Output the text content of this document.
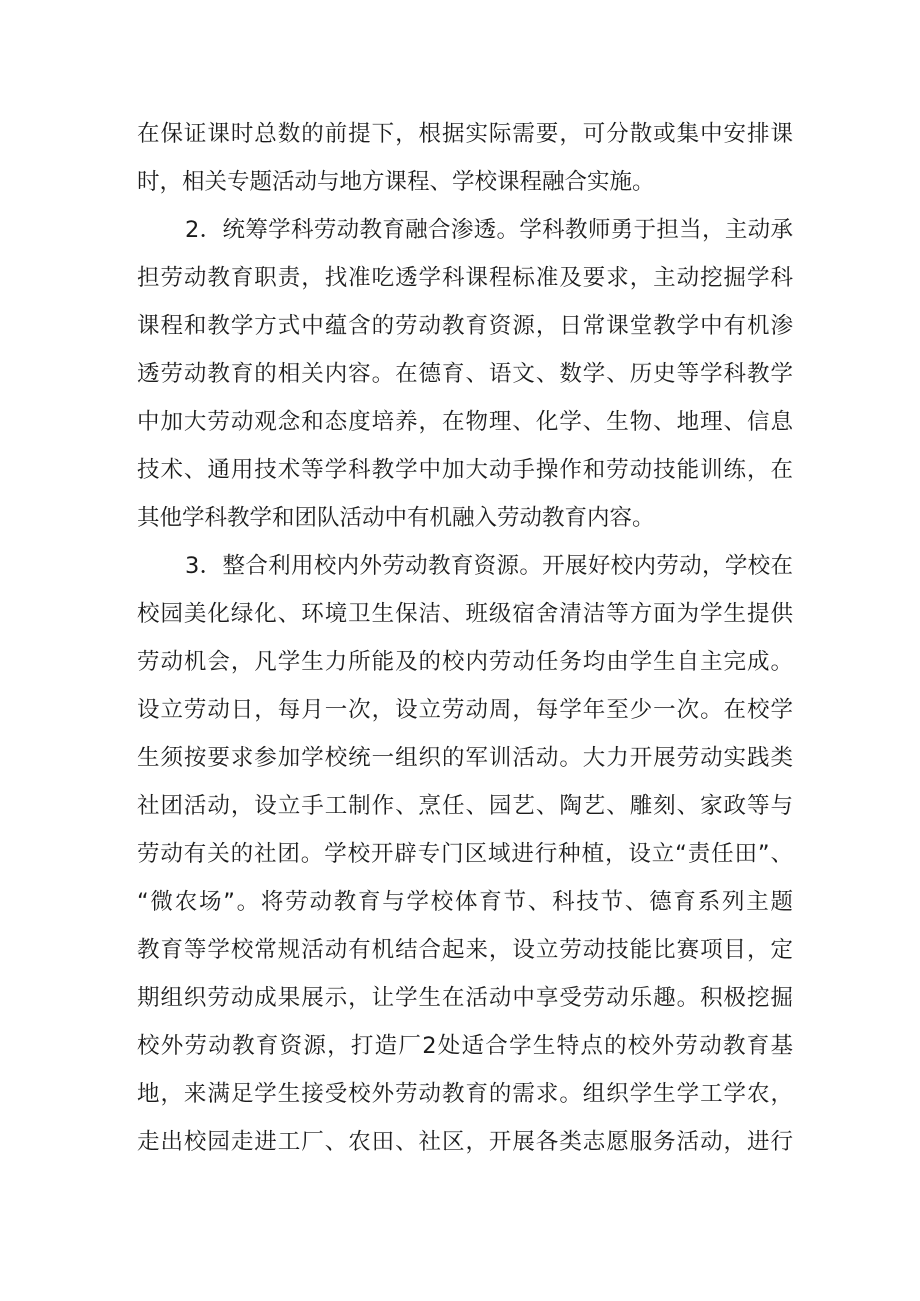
在保证课时总数的前提下，根据实际需要，可分散或集中安排课
时，相关专题活动与地方课程、学校课程融合实施。
2．统筹学科劳动教育融合渗透。学科教师勇于担当，主动承
担劳动教育职责，找准吃透学科课程标准及要求，主动挖掘学科
课程和教学方式中蕴含的劳动教育资源，日常课堂教学中有机渗
透劳动教育的相关内容。在德育、语文、数学、历史等学科教学
中加大劳动观念和态度培养，在物理、化学、生物、地理、信息
技术、通用技术等学科教学中加大动手操作和劳动技能训练，在
其他学科教学和团队活动中有机融入劳动教育内容。
3．整合利用校内外劳动教育资源。开展好校内劳动，学校在
校园美化绿化、环境卫生保洁、班级宿舍清洁等方面为学生提供
劳动机会，凡学生力所能及的校内劳动任务均由学生自主完成。
设立劳动日，每月一次，设立劳动周，每学年至少一次。在校学
生须按要求参加学校统一组织的军训活动。大力开展劳动实践类
社团活动，设立手工制作、烹任、园艺、陶艺、雕刻、家政等与
劳动有关的社团。学校开辟专门区域进行种植，设立“责任田”、
“微农场”。将劳动教育与学校体育节、科技节、德育系列主题
教育等学校常规活动有机结合起来，设立劳动技能比赛项目，定
期组织劳动成果展示，让学生在活动中享受劳动乐趣。积极挖掘
校外劳动教育资源，打造厂2处适合学生特点的校外劳动教育基
地，来满足学生接受校外劳动教育的需求。组织学生学工学农，
走出校园走进工厂、农田、社区，开展各类志愿服务活动，进行
